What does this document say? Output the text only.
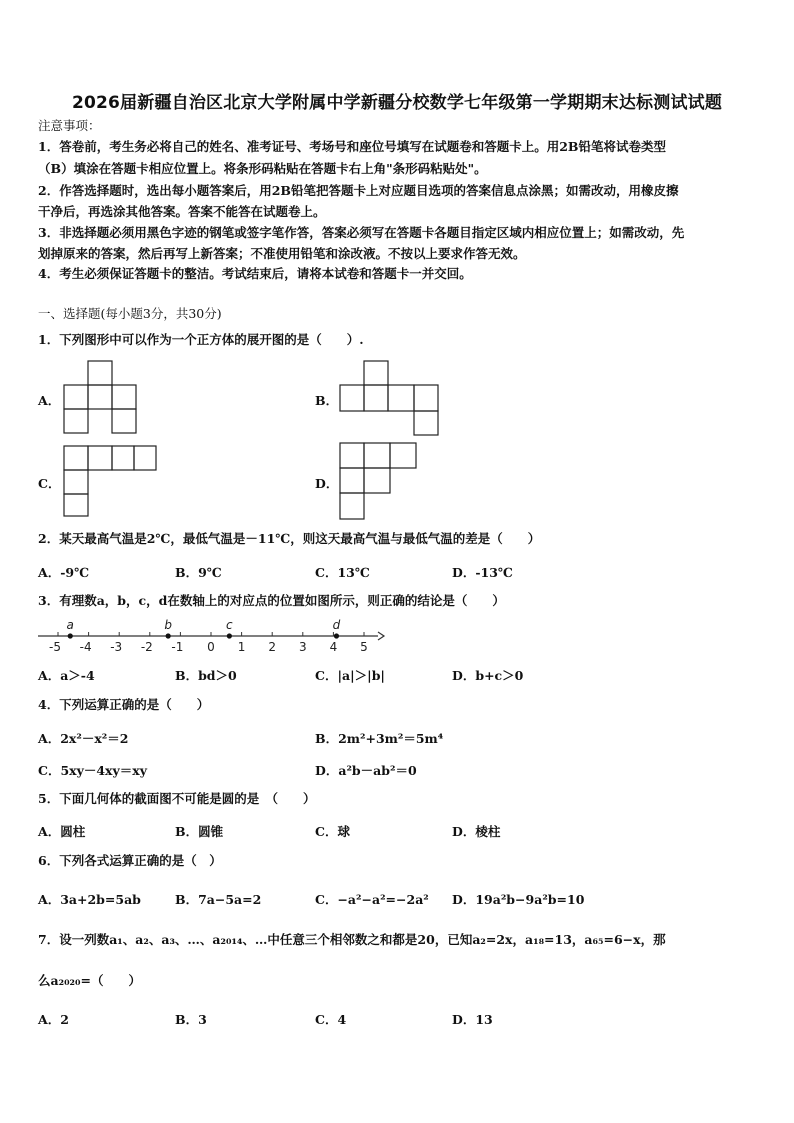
2026届新疆自治区北京大学附属中学新疆分校数学七年级第一学期期末达标测试试题
注意事项：
1．答卷前，考生务必将自己的姓名、准考证号、考场号和座位号填写在试题卷和答题卡上。用2B铅笔将试卷类型
（B）填涂在答题卡相应位置上。将条形码粘贴在答题卡右上角"条形码粘贴处"。
2．作答选择题时，选出每小题答案后，用2B铅笔把答题卡上对应题目选项的答案信息点涂黑；如需改动，用橡皮擦
干净后，再选涂其他答案。答案不能答在试题卷上。
3．非选择题必须用黑色字迹的钢笔或签字笔作答，答案必须写在答题卡各题目指定区域内相应位置上；如需改动，先
划掉原来的答案，然后再写上新答案；不准使用铅笔和涂改液。不按以上要求作答无效。
4．考生必须保证答题卡的整洁。考试结束后，请将本试卷和答题卡一并交回。
一、选择题(每小题3分，共30分)
1．下列图形中可以作为一个正方体的展开图的是（　　）.
A．	B．
C．	D．
-5 -4 -3 -2 -1 0 1 2 3 4 5
a	b	c	d
2．某天最高气温是2℃，最低气温是－11℃，则这天最高气温与最低气温的差是（　　）
A．-9℃	B．9℃	C．13℃	D．-13℃
3．有理数a，b，c，d在数轴上的对应点的位置如图所示，则正确的结论是（　　）
A．a＞-4	B．bd＞0	C．|a|＞|b|	D．b+c＞0
4．下列运算正确的是（　　）
A．2x²－x²＝2	B．2m²+3m²＝5m⁴
C．5xy－4xy＝xy	D．a²b－ab²＝0
5．下面几何体的截面图不可能是圆的是　（　　）
A．圆柱	B．圆锥	C．球	D．棱柱
6．下列各式运算正确的是（　）
A．3a+2b=5ab	B．7a−5a=2	C．−a²−a²=−2a² D．19a²b−9a²b=10
7．设一列数a₁、a₂、a₃、…、a₂₀₁₄、…中任意三个相邻数之和都是20，已知a₂=2x，a₁₈=13，a₆₅=6−x，那
么a₂₀₂₀=（　　）
A．2	B．3	C．4	D．13
